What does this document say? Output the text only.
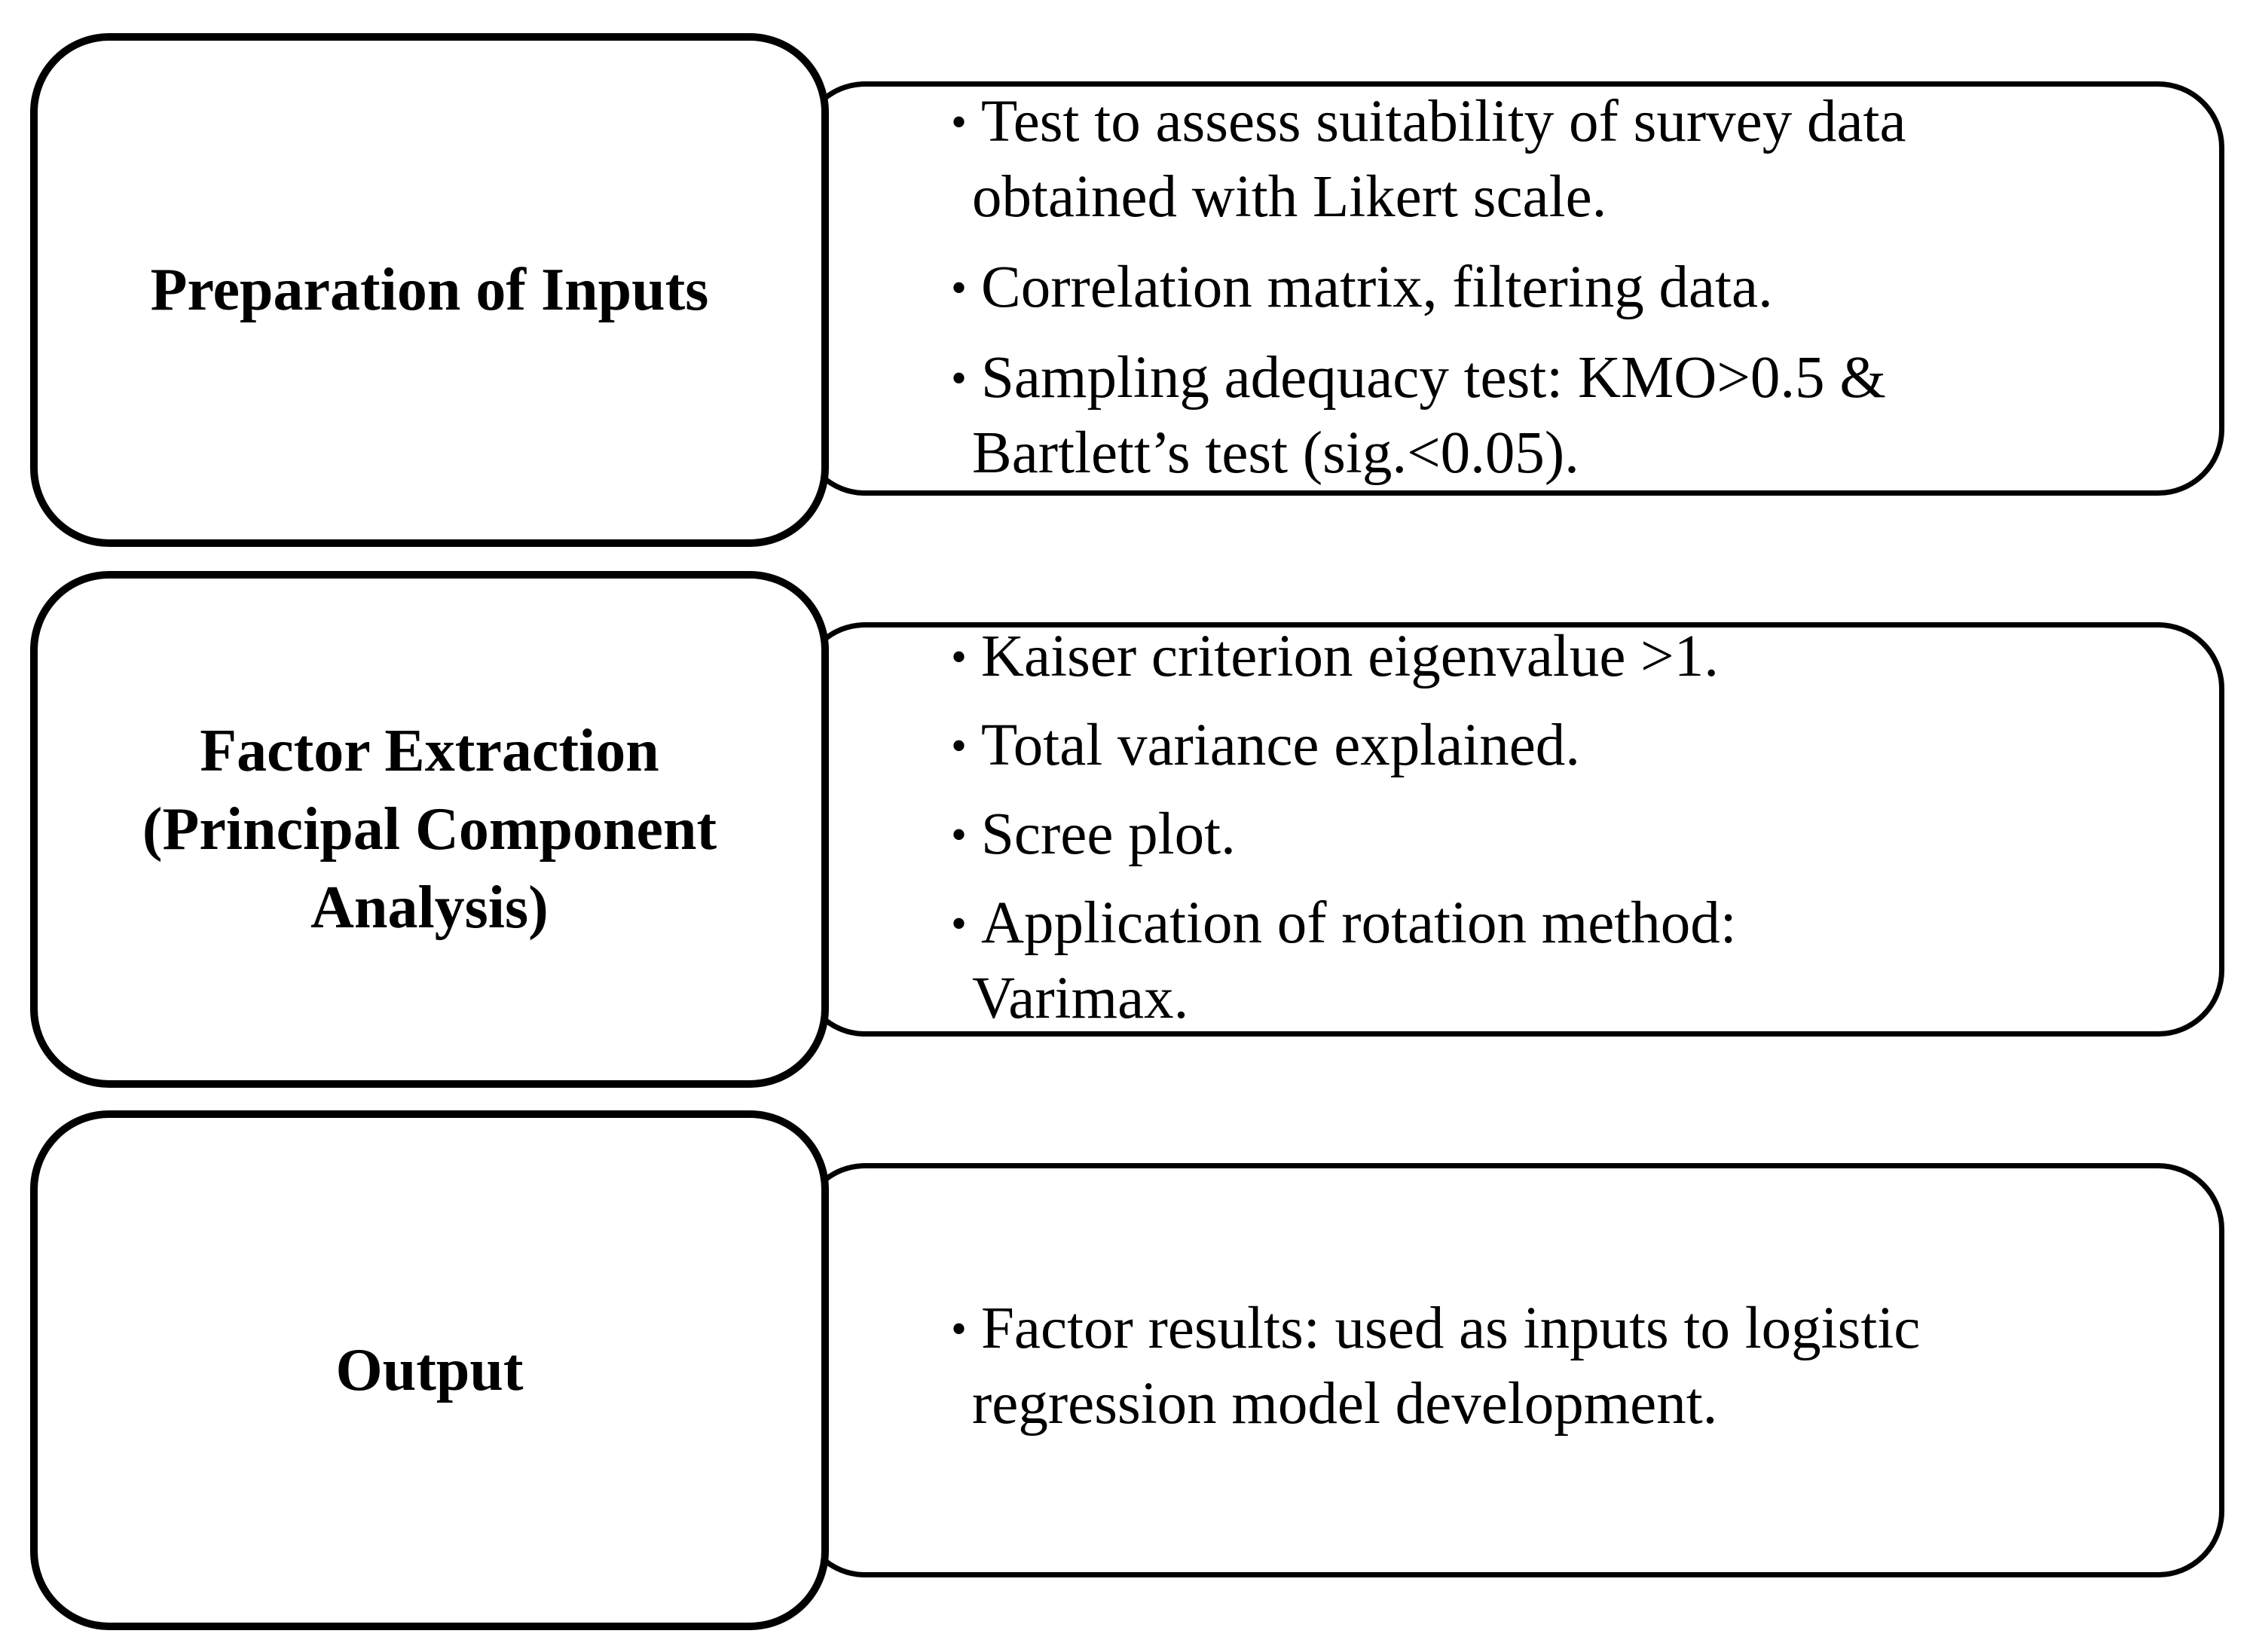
Preparation of Inputs
• Test to assess suitability of survey data
obtained with Likert scale.
• Correlation matrix, filtering data.
• Sampling adequacy test: KMO>0.5 &
Bartlett’s test (sig.<0.05).
Factor Extraction
(Principal Component
Analysis)
• Kaiser criterion eigenvalue >1.
• Total variance explained.
• Scree plot.
• Application of rotation method:
Varimax.
Output
• Factor results: used as inputs to logistic
regression model development.
